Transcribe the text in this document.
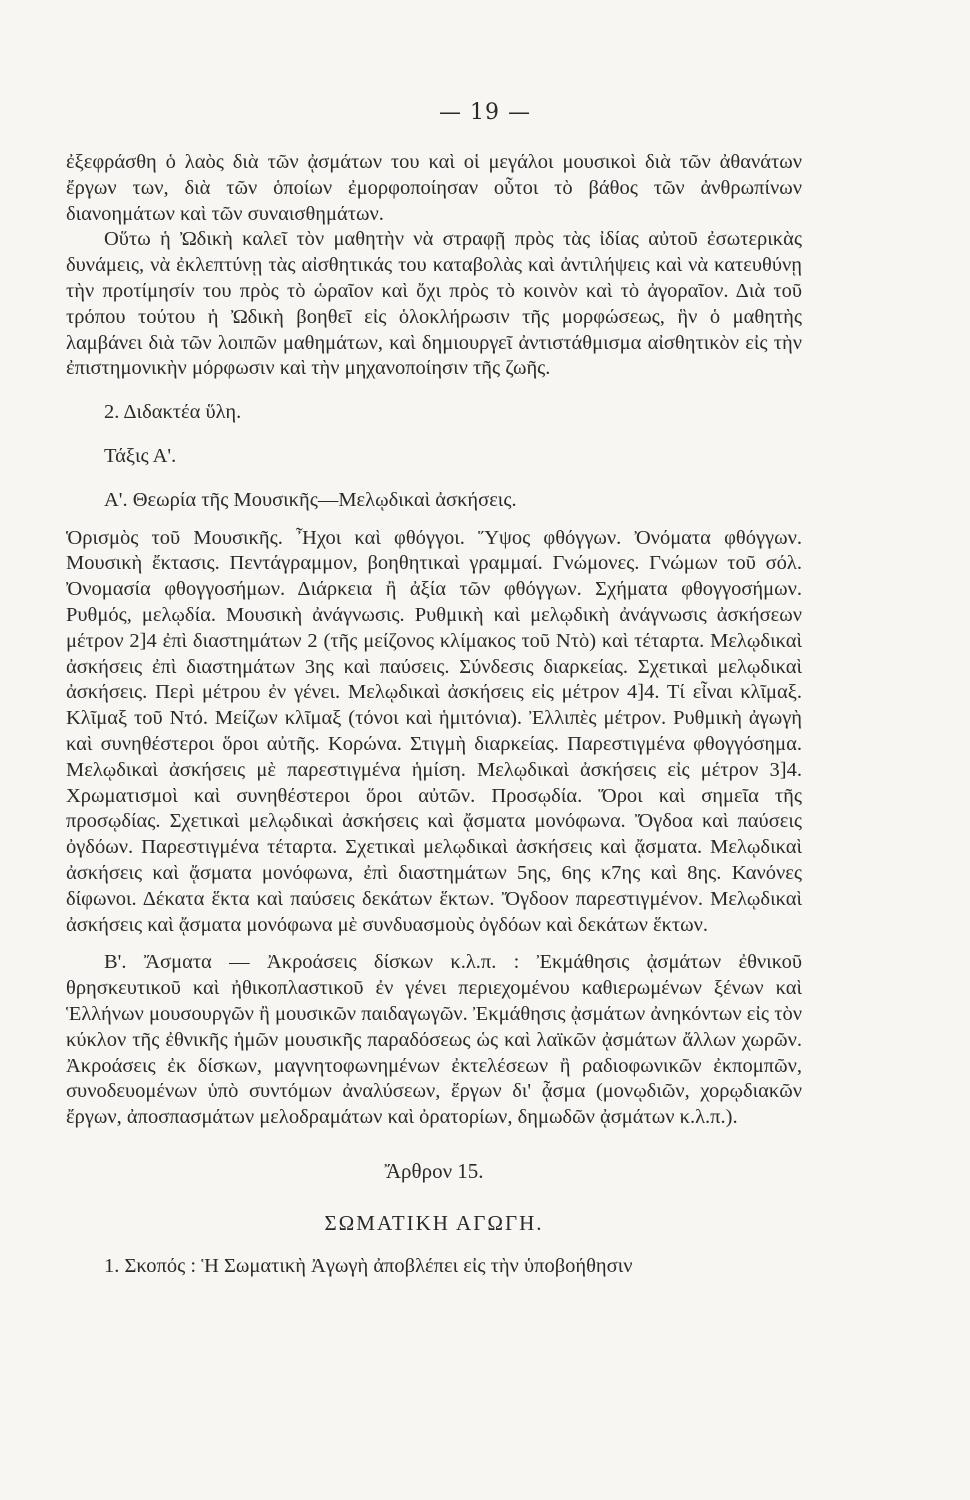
— 19 —

ἐξεφράσθη ὁ λαὸς διὰ τῶν ᾀσμάτων του καὶ οἱ μεγάλοι μουσικοὶ διὰ τῶν ἀθανάτων ἔργων των, διὰ τῶν ὁποίων ἐμορφοποίησαν οὗτοι τὸ βάθος τῶν ἀνθρωπίνων διανοημάτων καὶ τῶν συναισθημάτων.

Οὕτω ἡ Ὠδικὴ καλεῖ τὸν μαθητὴν νὰ στραφῇ πρὸς τὰς ἰδίας αὐτοῦ ἐσωτερικὰς δυνάμεις, νὰ ἐκλεπτύνῃ τὰς αἰσθητικάς του καταβολὰς καὶ ἀντιλήψεις καὶ νὰ κατευθύνῃ τὴν προτίμησίν του πρὸς τὸ ὡραῖον καὶ ὄχι πρὸς τὸ κοινὸν καὶ τὸ ἀγοραῖον. Διὰ τοῦ τρόπου τούτου ἡ Ὠδικὴ βοηθεῖ εἰς ὁλοκλήρωσιν τῆς μορφώσεως, ἣν ὁ μαθητὴς λαμβάνει διὰ τῶν λοιπῶν μαθημάτων, καὶ δημιουργεῖ ἀντιστάθμισμα αἰσθητικὸν εἰς τὴν ἐπιστημονικὴν μόρφωσιν καὶ τὴν μηχανοποίησιν τῆς ζωῆς.

2. Διδακτέα ὕλη.

Τάξις Α'.

Α'. Θεωρία τῆς Μουσικῆς—Μελῳδικαὶ ἀσκήσεις.

Ὁρισμὸς τοῦ Μουσικῆς. Ἦχοι καὶ φθόγγοι. Ὕψος φθόγγων. Ὀνόματα φθόγγων. Μουσικὴ ἔκτασις. Πεντάγραμμον, βοηθητικαὶ γραμμαί. Γνώμονες. Γνώμων τοῦ σόλ. Ὀνομασία φθογγοσήμων. Διάρκεια ἢ ἀξία τῶν φθόγγων. Σχήματα φθογγοσήμων. Ρυθμός, μελῳδία. Μουσικὴ ἀνάγνωσις. Ρυθμικὴ καὶ μελῳδικὴ ἀνάγνωσις ἀσκήσεων μέτρον 2]4 ἐπὶ διαστημάτων 2 (τῆς μείζονος κλίμακος τοῦ Ντὸ) καὶ τέταρτα. Μελῳδικαὶ ἀσκήσεις ἐπὶ διαστημάτων 3ης καὶ παύσεις. Σύνδεσις διαρκείας. Σχετικαὶ μελῳδικαὶ ἀσκήσεις. Περὶ μέτρου ἐν γένει. Μελῳδικαὶ ἀσκήσεις εἰς μέτρον 4]4. Τί εἶναι κλῖμαξ. Κλῖμαξ τοῦ Ντό. Μείζων κλῖμαξ (τόνοι καὶ ἡμιτόνια). Ἐλλιπὲς μέτρον. Ρυθμικὴ ἀγωγὴ καὶ συνηθέστεροι ὅροι αὐτῆς. Κορώνα. Στιγμὴ διαρκείας. Παρεστιγμένα φθογγόσημα. Μελῳδικαὶ ἀσκήσεις μὲ παρεστιγμένα ἡμίση. Μελῳδικαὶ ἀσκήσεις εἰς μέτρον 3]4. Χρωματισμοὶ καὶ συνηθέστεροι ὅροι αὐτῶν. Προσῳδία. Ὅροι καὶ σημεῖα τῆς προσῳδίας. Σχετικαὶ μελῳδικαὶ ἀσκήσεις καὶ ᾄσματα μονόφωνα. Ὄγδοα καὶ παύσεις ὀγδόων. Παρεστιγμένα τέταρτα. Σχετικαὶ μελῳδικαὶ ἀσκήσεις καὶ ᾄσματα. Μελῳδικαὶ ἀσκήσεις καὶ ᾄσματα μονόφωνα, ἐπὶ διαστημάτων 5ης, 6ης κ7ης καὶ 8ης. Κανόνες δίφωνοι. Δέκατα ἕκτα καὶ παύσεις δεκάτων ἕκτων. Ὄγδοον παρεστιγμένον. Μελῳδικαὶ ἀσκήσεις καὶ ᾄσματα μονόφωνα μὲ συνδυασμοὺς ὀγδόων καὶ δεκάτων ἕκτων.

Β'. Ἄσματα — Ἀκροάσεις δίσκων κ.λ.π. : Ἐκμάθησις ᾀσμάτων ἐθνικοῦ θρησκευτικοῦ καὶ ἠθικοπλαστικοῦ ἐν γένει περιεχομένου καθιερωμένων ξένων καὶ Ἑλλήνων μουσουργῶν ἢ μουσικῶν παιδαγωγῶν. Ἐκμάθησις ᾀσμάτων ἀνηκόντων εἰς τὸν κύκλον τῆς ἐθνικῆς ἡμῶν μουσικῆς παραδόσεως ὡς καὶ λαϊκῶν ᾀσμάτων ἄλλων χωρῶν. Ἀκροάσεις ἐκ δίσκων, μαγνητοφωνημένων ἐκτελέσεων ἢ ραδιοφωνικῶν ἐκπομπῶν, συνοδευομένων ὑπὸ συντόμων ἀναλύσεων, ἔργων δι' ᾆσμα (μονῳδιῶν, χορῳδιακῶν ἔργων, ἀποσπασμάτων μελοδραμάτων καὶ ὀρατορίων, δημωδῶν ᾀσμάτων κ.λ.π.).

Ἄρθρον 15.

ΣΩΜΑΤΙΚΗ ΑΓΩΓΗ.

1. Σκοπός : Ἡ Σωματικὴ Ἀγωγὴ ἀποβλέπει εἰς τὴν ὑποβοήθησιν
